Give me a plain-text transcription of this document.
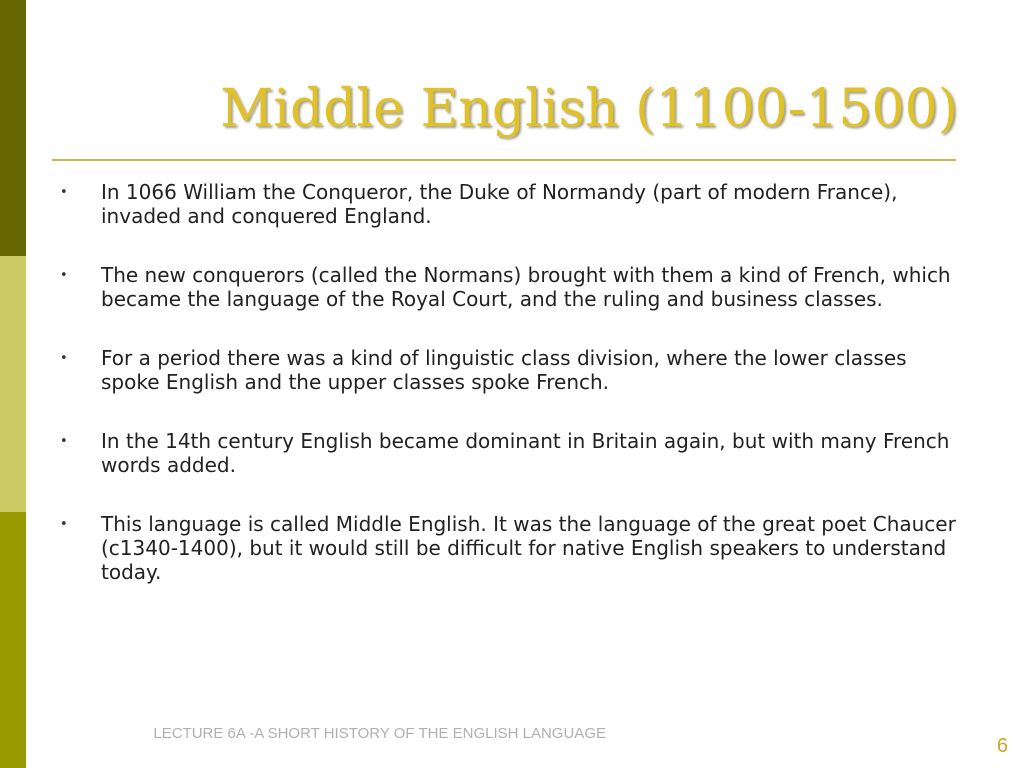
Middle English (1100-1500)
• In 1066 William the Conqueror, the Duke of Normandy (part of modern France), invaded and conquered England.
• The new conquerors (called the Normans) brought with them a kind of French, which became the language of the Royal Court, and the ruling and business classes.
• For a period there was a kind of linguistic class division, where the lower classes spoke English and the upper classes spoke French.
• In the 14th century English became dominant in Britain again, but with many French words added.
• This language is called Middle English. It was the language of the great poet Chaucer (c1340-1400), but it would still be difficult for native English speakers to understand today.
LECTURE 6A -A SHORT HISTORY OF THE ENGLISH LANGUAGE
6
